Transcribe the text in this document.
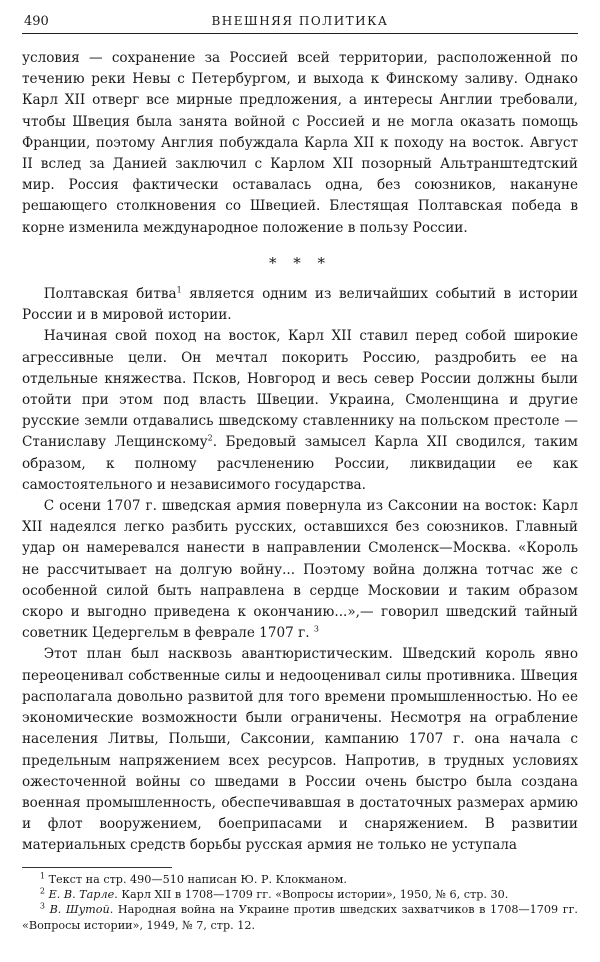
490	ВНЕШНЯЯ ПОЛИТИКА

условия — сохранение за Россией всей территории, расположенной по течению реки Невы с Петербургом, и выхода к Финскому заливу. Однако Карл XII отверг все мирные предложения, а интересы Англии требовали, чтобы Швеция была занята войной с Россией и не могла оказать помощь Франции, поэтому Англия побуждала Карла XII к походу на восток. Август II вслед за Данией заключил с Карлом XII позорный Альтранштедтский мир. Россия фактически оставалась одна, без союзников, накануне решающего столкновения со Швецией. Блестящая Полтавская победа в корне изменила международное положение в пользу России.

* * *

Полтавская битва$^1$ является одним из величайших событий в истории России и в мировой истории.

Начиная свой поход на восток, Карл XII ставил перед собой широкие агрессивные цели. Он мечтал покорить Россию, раздробить ее на отдельные княжества. Псков, Новгород и весь север России должны были отойти при этом под власть Швеции. Украина, Смоленщина и другие русские земли отдавались шведскому ставленнику на польском престоле — Станиславу Лещинскому$^2$. Бредовый замысел Карла XII сводился, таким образом, к полному расчленению России, ликвидации ее как самостоятельного и независимого государства.

С осени 1707 г. шведская армия повернула из Саксонии на восток: Карл XII надеялся легко разбить русских, оставшихся без союзников. Главный удар он намеревался нанести в направлении Смоленск—Москва. «Король не рассчитывает на долгую войну... Поэтому война должна тотчас же с особенной силой быть направлена в сердце Московии и таким образом скоро и выгодно приведена к окончанию...»,— говорил шведский тайный советник Цедергельм в феврале 1707 г. $^3$

Этот план был насквозь авантюристическим. Шведский король явно переоценивал собственные силы и недооценивал силы противника. Швеция располагала довольно развитой для того времени промышленностью. Но ее экономические возможности были ограничены. Несмотря на ограбление населения Литвы, Польши, Саксонии, кампанию 1707 г. она начала с предельным напряжением всех ресурсов. Напротив, в трудных условиях ожесточенной войны со шведами в России очень быстро была создана военная промышленность, обеспечивавшая в достаточных размерах армию и флот вооружением, боеприпасами и снаряжением. В развитии материальных средств борьбы русская армия не только не уступала

$^1$ Текст на стр. 490—510 написан Ю. Р. Клокманом.

$^2$ Е. В. Тарле. Карл XII в 1708—1709 гг. «Вопросы истории», 1950, № 6, стр. 30.

$^3$ В. Шутой. Народная война на Украине против шведских захватчиков в 1708—1709 гг. «Вопросы истории», 1949, № 7, стр. 12.
